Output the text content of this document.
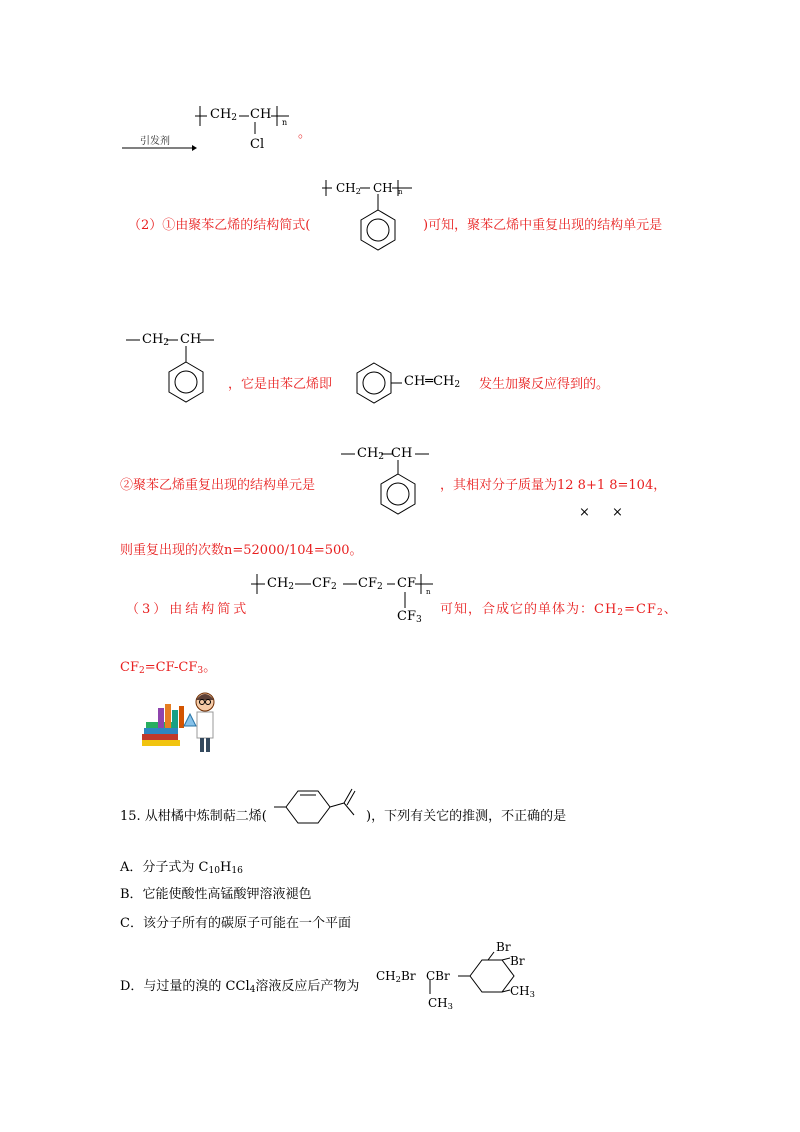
引发剂
$CH_2$ CH
n
Cl
。
$CH_2$ CH n
（2）①由聚苯乙烯的结构简式(	)可知，聚苯乙烯中重复出现的结构单元是
$CH_2$ CH
，它是由苯乙烯即	$CH═CH_2$ 发生加聚反应得到的。
②聚苯乙烯重复出现的结构单元是
$CH_2$ CH
，其相对分子质量为12 8+1 8=104，
× ×
则重复出现的次数n=52000/104=500。
$CH_2$ $CF_2$ $CF_2$ CF
n
$CF_3$
（3）由结构简式	可知，合成它的单体为：$CH_2=CF_2$、
$CF_2=CF-CF_3$。
15. 从柑橘中炼制萜二烯(	)，下列有关它的推测，不正确的是
A．分子式为 $C_{10}H_{16}$
B．它能使酸性高锰酸钾溶液褪色
C．该分子所有的碳原子可能在一个平面
D．与过量的溴的 CCl$_4$溶液反应后产物为
$CH_2Br$ CBr
$CH_3$
Br
Br
$CH_3$
